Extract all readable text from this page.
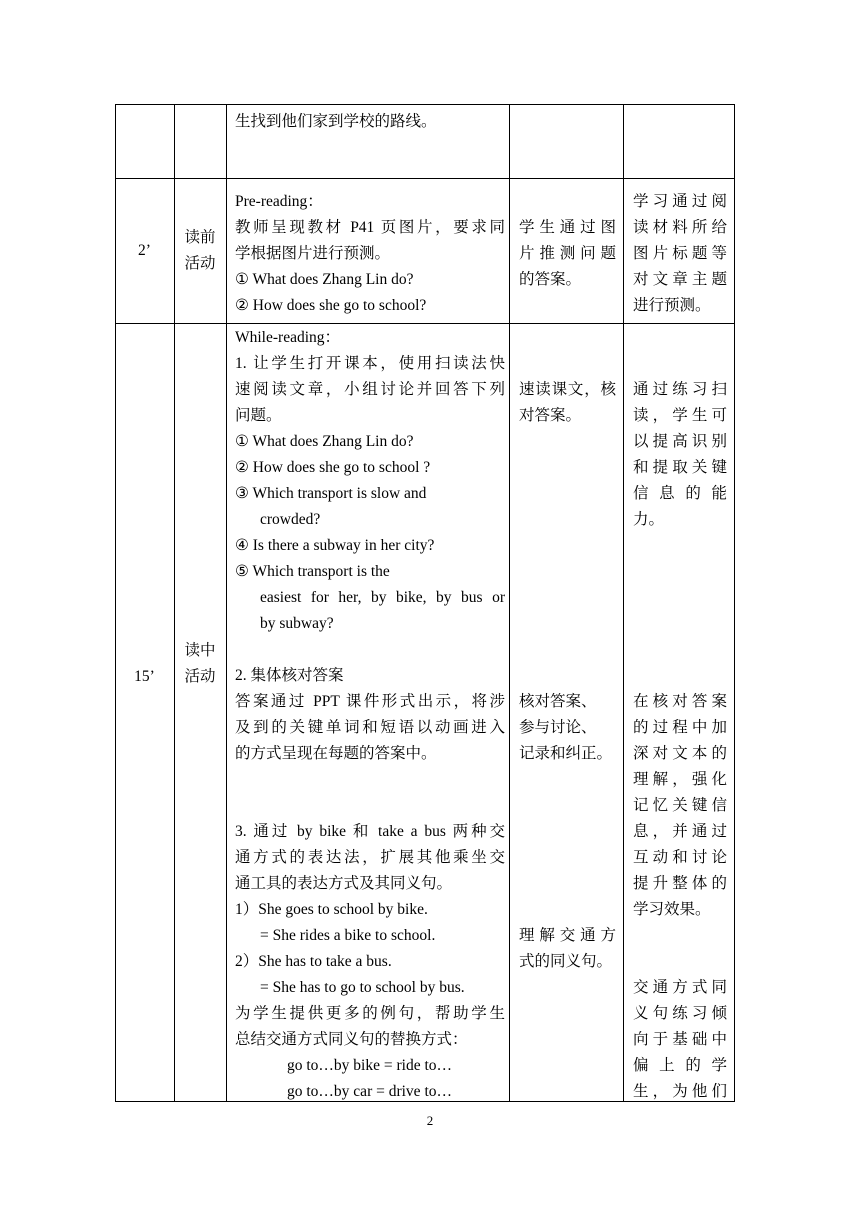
生找到他们家到学校的路线。
2’
读前
活动
Pre-reading：
教师呈现教材 P41 页图片，要求同
学根据图片进行预测。
① What does Zhang Lin do?
② How does she go to school?
学生通过图
片推测问题
的答案。
学习通过阅
读材料所给
图片标题等
对文章主题
进行预测。
15’
读中
活动
While-reading：
1. 让学生打开课本，使用扫读法快
速阅读文章，小组讨论并回答下列
问题。
① What does Zhang Lin do?
② How does she go to school ?
③ Which transport is slow and
crowded?
④ Is there a subway in her city?
⑤ Which transport is the
easiest for her, by bike, by bus or
by subway?

2. 集体核对答案
答案通过 PPT 课件形式出示，将涉
及到的关键单词和短语以动画进入
的方式呈现在每题的答案中。

3. 通过 by bike 和 take a bus 两种交
通方式的表达法，扩展其他乘坐交
通工具的表达方式及其同义句。
1）She goes to school by bike.
= She rides a bike to school.
2）She has to take a bus.
= She has to go to school by bus.
为学生提供更多的例句，帮助学生
总结交通方式同义句的替换方式：
go to…by bike = ride to…
go to…by car = drive to…
速读课文，核
对答案。
核对答案、
参与讨论、
记录和纠正。
理解交通方
式的同义句。
通过练习扫
读，学生可
以提高识别
和提取关键
信息的能
力。
在核对答案
的过程中加
深对文本的
理解，强化
记忆关键信
息，并通过
互动和讨论
提升整体的
学习效果。
交通方式同
义句练习倾
向于基础中
偏上的学
生，为他们
2
